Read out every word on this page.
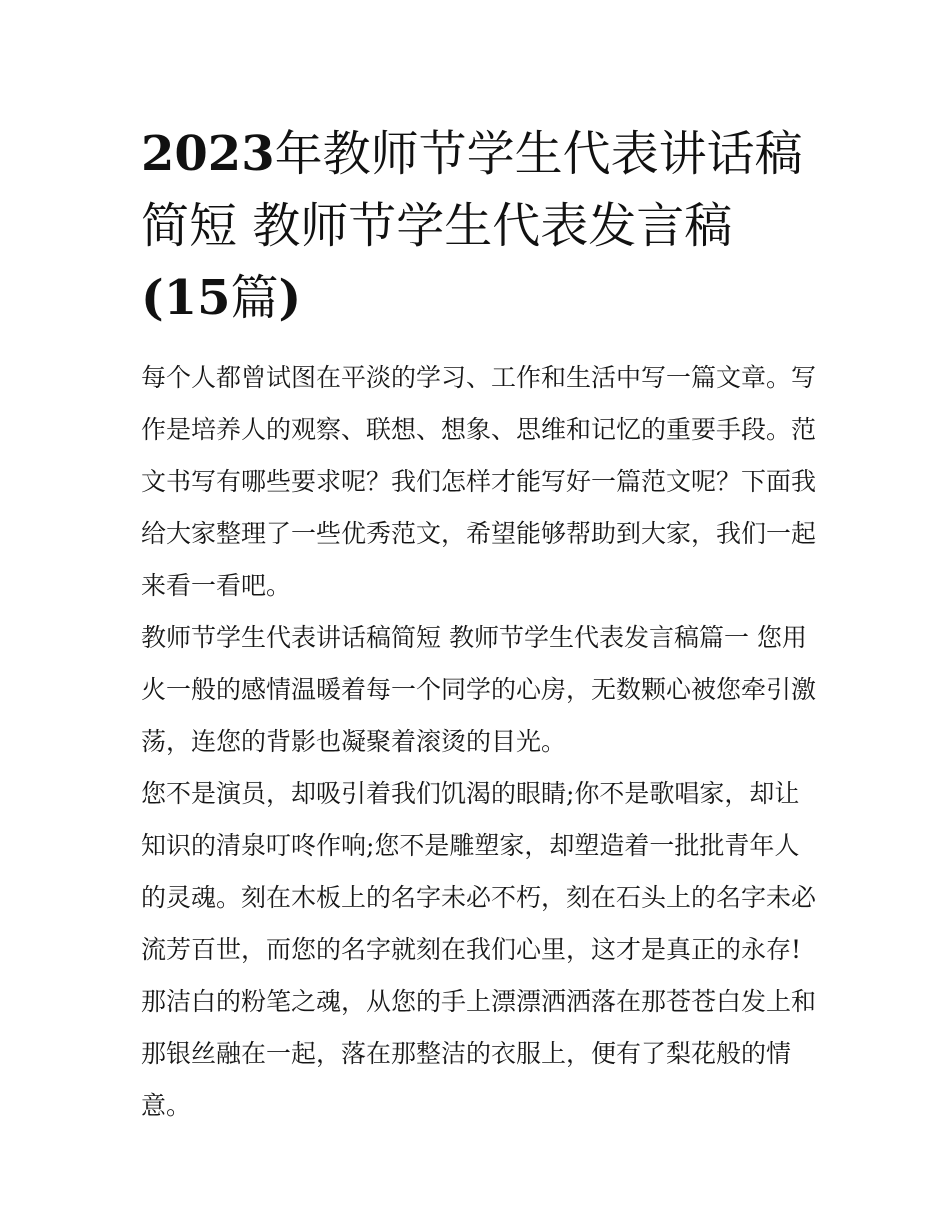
2023年教师节学生代表讲话稿
简短 教师节学生代表发言稿
(15篇)

每个人都曾试图在平淡的学习、工作和生活中写一篇文章。写
作是培养人的观察、联想、想象、思维和记忆的重要手段。范
文书写有哪些要求呢？我们怎样才能写好一篇范文呢？下面我
给大家整理了一些优秀范文，希望能够帮助到大家，我们一起
来看一看吧。

教师节学生代表讲话稿简短 教师节学生代表发言稿篇一 您用
火一般的感情温暖着每一个同学的心房，无数颗心被您牵引激
荡，连您的背影也凝聚着滚烫的目光。

您不是演员，却吸引着我们饥渴的眼睛;你不是歌唱家，却让
知识的清泉叮咚作响;您不是雕塑家，却塑造着一批批青年人
的灵魂。刻在木板上的名字未必不朽，刻在石头上的名字未必
流芳百世，而您的名字就刻在我们心里，这才是真正的永存!
那洁白的粉笔之魂，从您的手上漂漂洒洒落在那苍苍白发上和
那银丝融在一起，落在那整洁的衣服上，便有了梨花般的情
意。
